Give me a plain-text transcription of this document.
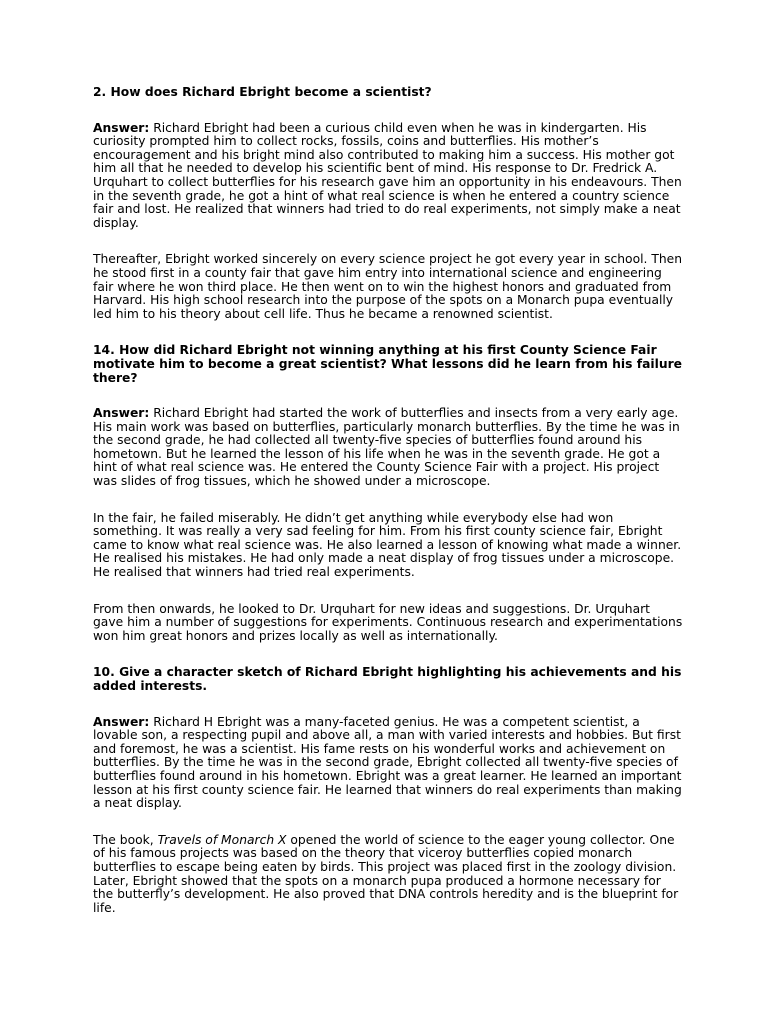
2. How does Richard Ebright become a scientist?

Answer: Richard Ebright had been a curious child even when he was in kindergarten. His curiosity prompted him to collect rocks, fossils, coins and butterflies. His mother’s encouragement and his bright mind also contributed to making him a success. His mother got him all that he needed to develop his scientific bent of mind. His response to Dr. Fredrick A. Urquhart to collect butterflies for his research gave him an opportunity in his endeavours. Then in the seventh grade, he got a hint of what real science is when he entered a country science fair and lost. He realized that winners had tried to do real experiments, not simply make a neat display.

Thereafter, Ebright worked sincerely on every science project he got every year in school. Then he stood first in a county fair that gave him entry into international science and engineering fair where he won third place. He then went on to win the highest honors and graduated from Harvard. His high school research into the purpose of the spots on a Monarch pupa eventually led him to his theory about cell life. Thus he became a renowned scientist.

14. How did Richard Ebright not winning anything at his first County Science Fair motivate him to become a great scientist? What lessons did he learn from his failure there?

Answer: Richard Ebright had started the work of butterflies and insects from a very early age. His main work was based on butterflies, particularly monarch butterflies. By the time he was in the second grade, he had collected all twenty-five species of butterflies found around his hometown. But he learned the lesson of his life when he was in the seventh grade. He got a hint of what real science was. He entered the County Science Fair with a project. His project was slides of frog tissues, which he showed under a microscope.

In the fair, he failed miserably. He didn’t get anything while everybody else had won something. It was really a very sad feeling for him. From his first county science fair, Ebright came to know what real science was. He also learned a lesson of knowing what made a winner. He realised his mistakes. He had only made a neat display of frog tissues under a microscope. He realised that winners had tried real experiments.

From then onwards, he looked to Dr. Urquhart for new ideas and suggestions. Dr. Urquhart gave him a number of suggestions for experiments. Continuous research and experimentations won him great honors and prizes locally as well as internationally.

10. Give a character sketch of Richard Ebright highlighting his achievements and his added interests.

Answer: Richard H Ebright was a many-faceted genius. He was a competent scientist, a lovable son, a respecting pupil and above all, a man with varied interests and hobbies. But first and foremost, he was a scientist. His fame rests on his wonderful works and achievement on butterflies. By the time he was in the second grade, Ebright collected all twenty-five species of butterflies found around in his hometown. Ebright was a great learner. He learned an important lesson at his first county science fair. He learned that winners do real experiments than making a neat display.

The book, Travels of Monarch X opened the world of science to the eager young collector. One of his famous projects was based on the theory that viceroy butterflies copied monarch butterflies to escape being eaten by birds. This project was placed first in the zoology division. Later, Ebright showed that the spots on a monarch pupa produced a hormone necessary for the butterfly’s development. He also proved that DNA controls heredity and is the blueprint for life.
